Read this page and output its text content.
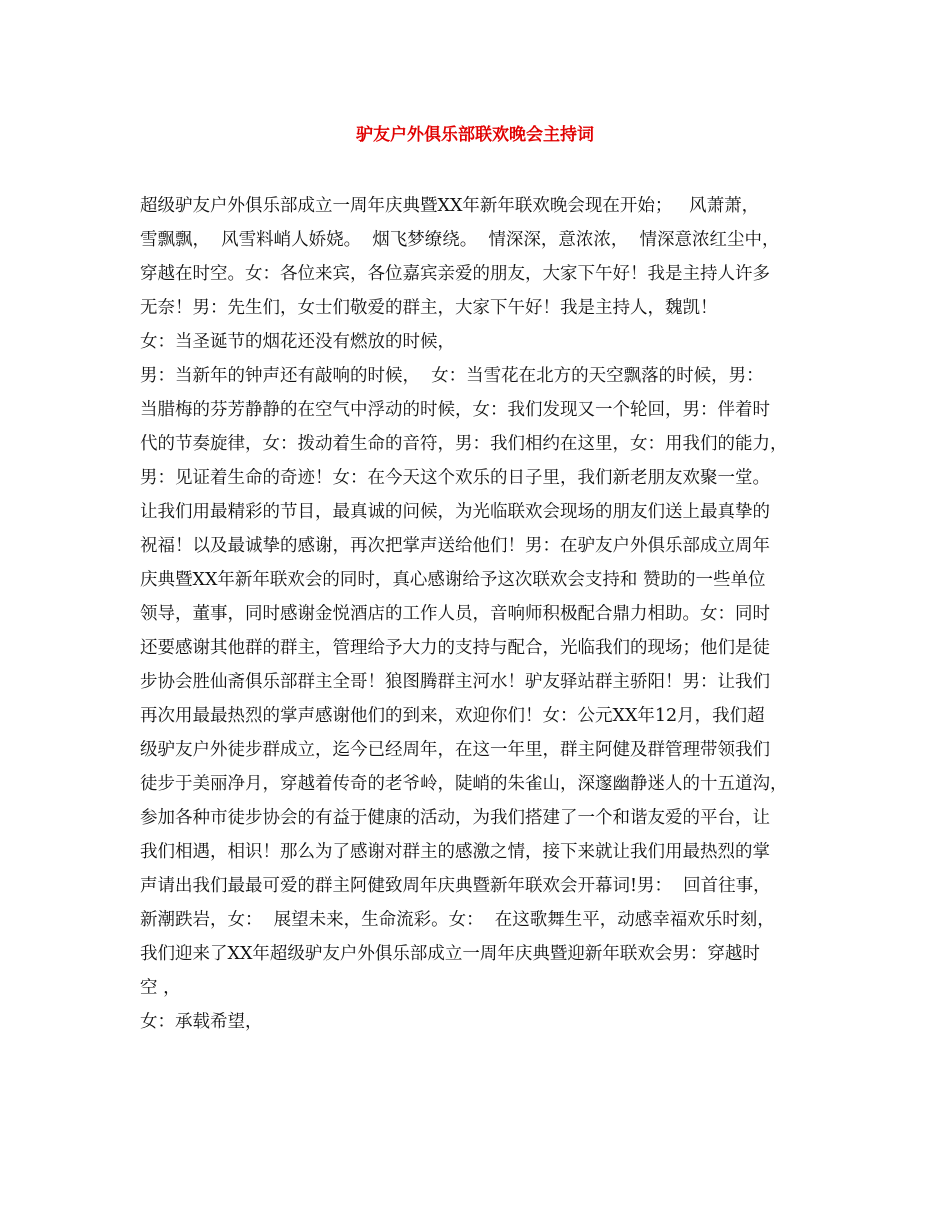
驴友户外俱乐部联欢晚会主持词
超级驴友户外俱乐部成立一周年庆典暨XX年新年联欢晚会现在开始；   风萧萧，
雪飘飘，  风雪料峭人娇娆。  烟飞梦缭绕。  情深深，意浓浓，  情深意浓红尘中，
穿越在时空。女：各位来宾，各位嘉宾亲爱的朋友，大家下午好！我是主持人许多
无奈！男：先生们，女士们敬爱的群主，大家下午好！我是主持人，魏凯！
女：当圣诞节的烟花还没有燃放的时候，
男：当新年的钟声还有敲响的时候，  女：当雪花在北方的天空飘落的时候，男：
当腊梅的芬芳静静的在空气中浮动的时候，女：我们发现又一个轮回，男：伴着时
代的节奏旋律，女：拨动着生命的音符，男：我们相约在这里，女：用我们的能力，
男：见证着生命的奇迹！女：在今天这个欢乐的日子里，我们新老朋友欢聚一堂。
让我们用最精彩的节目，最真诚的问候，为光临联欢会现场的朋友们送上最真挚的
祝福！以及最诚挚的感谢，再次把掌声送给他们！男：在驴友户外俱乐部成立周年
庆典暨XX年新年联欢会的同时，真心感谢给予这次联欢会支持和 赞助的一些单位
领导，董事，同时感谢金悦酒店的工作人员，音响师积极配合鼎力相助。女：同时
还要感谢其他群的群主，管理给予大力的支持与配合，光临我们的现场；他们是徒
步协会胜仙斋俱乐部群主全哥！狼图腾群主河水！驴友驿站群主骄阳！男：让我们
再次用最最热烈的掌声感谢他们的到来，欢迎你们！女：公元XX年12月，我们超
级驴友户外徒步群成立，迄今已经周年，在这一年里，群主阿健及群管理带领我们
徒步于美丽净月，穿越着传奇的老爷岭，陡峭的朱雀山，深邃幽静迷人的十五道沟，
参加各种市徒步协会的有益于健康的活动，为我们搭建了一个和谐友爱的平台，让
我们相遇，相识！那么为了感谢对群主的感激之情，接下来就让我们用最热烈的掌
声请出我们最最可爱的群主阿健致周年庆典暨新年联欢会开幕词!男：  回首往事，
新潮跌岩，女：  展望未来，生命流彩。女：  在这歌舞生平，动感幸福欢乐时刻，
我们迎来了XX年超级驴友户外俱乐部成立一周年庆典暨迎新年联欢会男：穿越时
空 ，
女：承载希望，
